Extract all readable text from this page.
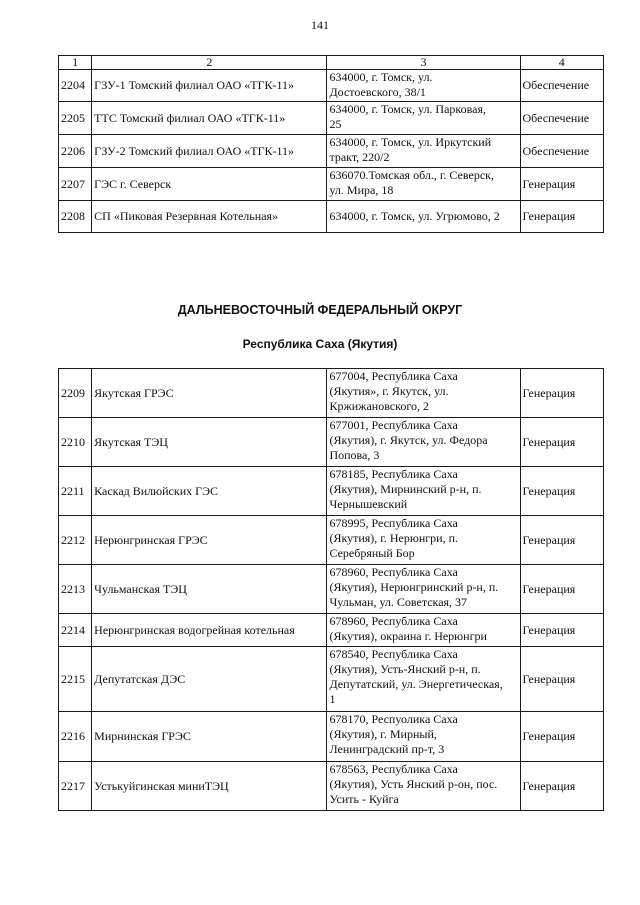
141
1	2	3	4
2204	ГЗУ-1 Томский филиал ОАО «ТГК-11»	634000, г. Томск, ул.
Достоевского, 38/1	Обеспечение
2205	ТТС Томский филиал ОАО «ТГК-11»	634000, г. Томск, ул. Парковая,
25	Обеспечение
2206	ГЗУ-2 Томский филиал ОАО «ТГК-11»	634000, г. Томск, ул. Иркутский
тракт, 220/2	Обеспечение
2207	ГЭС г. Северск	636070.Томская обл., г. Северск,
ул. Мира, 18	Генерация
2208	СП «Пиковая Резервная Котельная»	634000, г. Томск, ул. Угрюмово, 2	Генерация
ДАЛЬНЕВОСТОЧНЫЙ ФЕДЕРАЛЬНЫЙ ОКРУГ
Республика Саха (Якутия)
2209	Якутская ГРЭС	677004, Республика Саха
(Якутия», г. Якутск, ул.
Кржижановского, 2	Генерация
2210	Якутская ТЭЦ	677001, Республика Саха
(Якутия), г. Якутск, ул. Федора
Попова, 3	Генерация
2211	Каскад Вилюйских ГЭС	678185, Республика Саха
(Якутия), Мирнинский р-н, п.
Чернышевский	Генерация
2212	Нерюнгринская ГРЭС	678995, Республика Саха
(Якутия), г. Нерюнгри, п.
Серебряный Бор	Генерация
2213	Чульманская ТЭЦ	678960, Республика Саха
(Якутия), Нерюнгринский р-н, п.
Чульман, ул. Советская, 37	Генерация
2214	Нерюнгринская водогрейная котельная	678960, Республика Саха
(Якутия), окраина г. Нерюнгри	Генерация
2215	Депутатская ДЭС	678540, Республика Саха
(Якутия), Усть-Янский р-н, п.
Депутатский, ул. Энергетическая,
1	Генерация
2216	Мирнинская ГРЭС	678170, Респуолика Саха
(Якутия), г. Мирный,
Ленинградский пр-т, 3	Генерация
2217	Устькуйгинская миниТЭЦ	678563, Республика Саха
(Якутия), Усть Янский р-он, пос.
Усить - Куйга	Генерация
